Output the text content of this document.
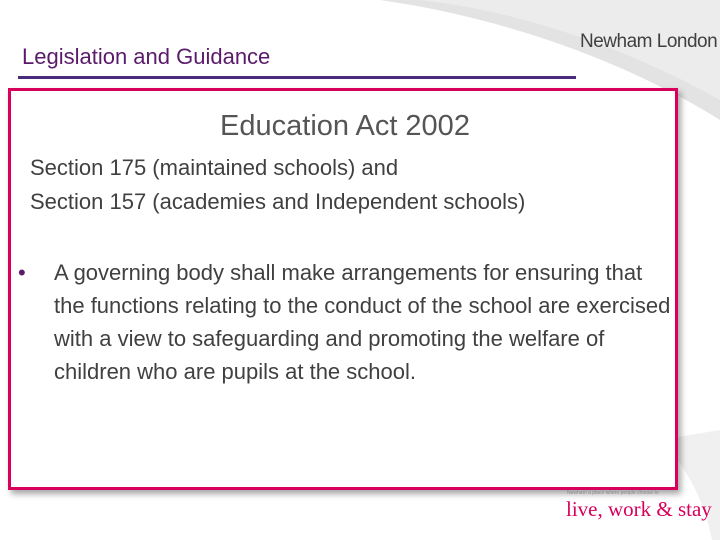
Legislation and Guidance
Newham London
Education Act 2002
Section 175 (maintained schools) and
Section 157 (academies and Independent schools)
• A governing body shall make arrangements for ensuring that the functions relating to the conduct of the school are exercised with a view to safeguarding and promoting the welfare of children who are pupils at the school.
Newham a place where people choose to
live, work & stay
